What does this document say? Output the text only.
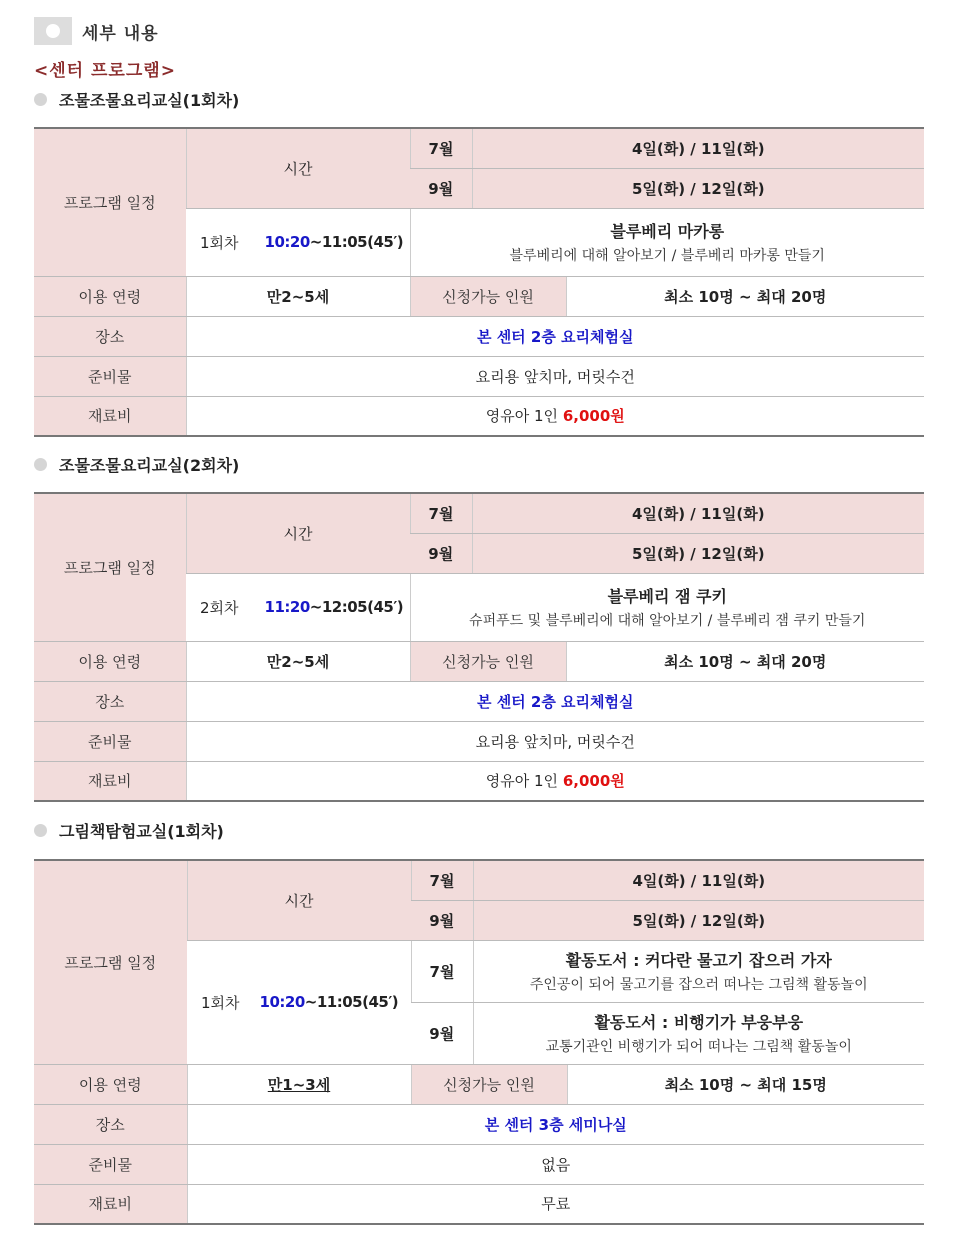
세부 내용
<센터 프로그램>
조물조물요리교실(1회차)
프로그램 일정	시간	7월	4일(화) / 11일(화)	
		9월	5일(화) / 12일(화)	

	1회차 10:20~11:05(45′)	블루베리 마카롱
블루베리에 대해 알아보기 / 블루베리 마카롱 만들기		

이용 연령	만2~5세	신청가능 인원		최소 10명 ~ 최대 20명
장소	본 센터 2층 요리체험실			
준비물	요리용 앞치마, 머릿수건			
재료비	영유아 1인 6,000원			
조물조물요리교실(2회차)
프로그램 일정	시간	7월	4일(화) / 11일(화)	
		9월	5일(화) / 12일(화)	

	2회차 11:20~12:05(45′)	블루베리 잼 쿠키
슈퍼푸드 및 블루베리에 대해 알아보기 / 블루베리 잼 쿠키 만들기		

이용 연령	만2~5세	신청가능 인원		최소 10명 ~ 최대 20명
장소	본 센터 2층 요리체험실			
준비물	요리용 앞치마, 머릿수건			
재료비	영유아 1인 6,000원			
그림책탐험교실(1회차)
프로그램 일정	시간	7월	4일(화) / 11일(화)	
		9월	5일(화) / 12일(화)	

	1회차 10:20~11:05(45′)	7월	활동도서 : 커다란 물고기 잡으러 가자
주인공이 되어 물고기를 잡으러 떠나는 그림책 활동놀이	

		9월	활동도서 : 비행기가 부웅부웅
교통기관인 비행기가 되어 떠나는 그림책 활동놀이	

이용 연령	만1~3세	신청가능 인원		최소 10명 ~ 최대 15명
장소	본 센터 3층 세미나실			
준비물	없음			
재료비	무료			
